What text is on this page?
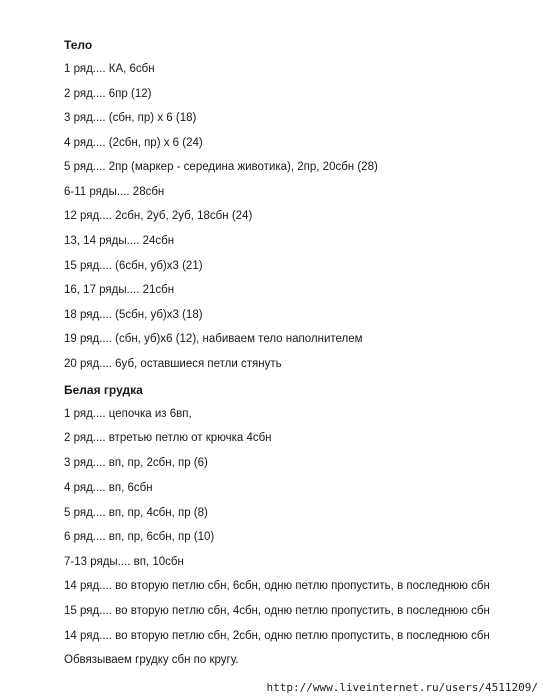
Тело
1 ряд.... КА, 6сбн
2 ряд.... 6пр (12)
3 ряд.... (сбн, пр) х 6 (18)
4 ряд.... (2сбн, пр) х 6 (24)
5 ряд.... 2пр (маркер - середина животика), 2пр, 20сбн (28)
6-11 ряды.... 28сбн
12 ряд.... 2сбн, 2уб, 2уб, 18сбн (24)
13, 14 ряды.... 24сбн
15 ряд.... (6сбн, уб)х3 (21)
16, 17 ряды.... 21сбн
18 ряд.... (5сбн, уб)х3 (18)
19 ряд.... (сбн, уб)х6 (12), набиваем тело наполнителем
20 ряд.... 6уб, оставшиеся петли стянуть
Белая грудка
1 ряд.... цепочка из 6вп,
2 ряд.... втретью петлю от крючка 4сбн
3 ряд.... вп, пр, 2сбн, пр (6)
4 ряд.... вп, 6сбн
5 ряд.... вп, пр, 4сбн, пр (8)
6 ряд.... вп, пр, 6сбн, пр (10)
7-13 ряды.... вп, 10сбн
14 ряд.... во вторую петлю сбн, 6сбн, одню петлю пропустить, в последнюю сбн
15 ряд.... во вторую петлю сбн, 4сбн, одню петлю пропустить, в последнюю сбн
14 ряд.... во вторую петлю сбн, 2сбн, одню петлю пропустить, в последнюю сбн
Обвязываем грудку сбн по кругу.
http://www.liveinternet.ru/users/4511209/
